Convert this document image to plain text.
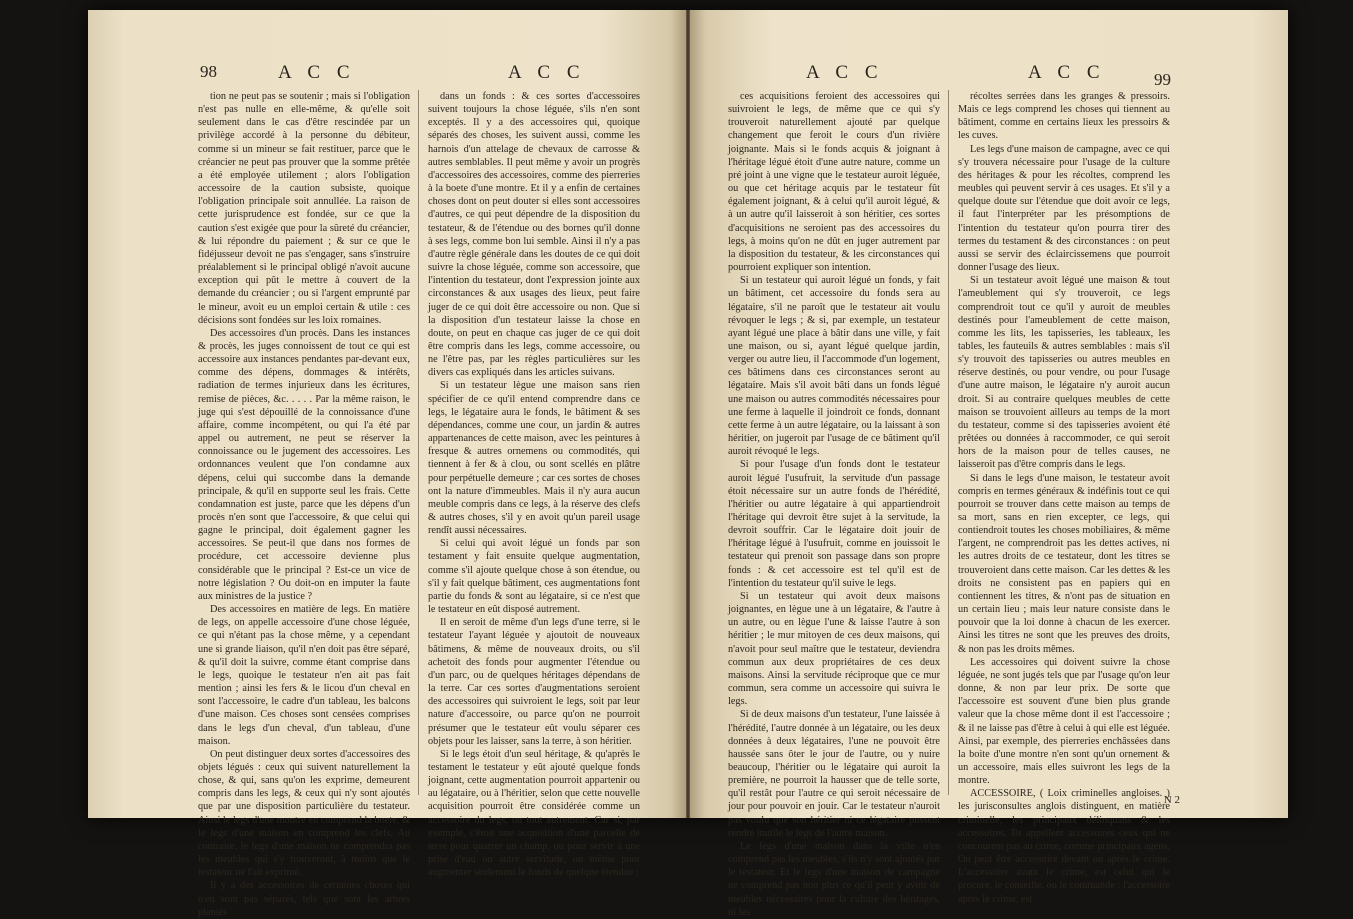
98	A C C	A C C

tion ne peut pas se soutenir ; mais si l'obligation n'est pas nulle en elle-même, & qu'elle soit seulement dans le cas d'être rescindée par un privilège accordé à la personne du débiteur, comme si un mineur se fait restituer, parce que le créancier ne peut pas prouver que la somme prêtée a été employée utilement ; alors l'obligation accessoire de la caution subsiste, quoique l'obligation principale soit annullée. La raison de cette jurisprudence est fondée, sur ce que la caution s'est exigée que pour la sûreté du créancier, & lui répondre du paiement ; & sur ce que le fidéjusseur devoit ne pas s'engager, sans s'instruire préalablement si le principal obligé n'avoit aucune exception qui pût le mettre à couvert de la demande du créancier ; ou si l'argent emprunté par le mineur, avoit eu un emploi certain & utile : ces décisions sont fondées sur les loix romaines.

Des accessoires d'un procès. Dans les instances & procès, les juges connoissent de tout ce qui est accessoire aux instances pendantes par-devant eux, comme des dépens, dommages & intérêts, radiation de termes injurieux dans les écritures, remise de pièces, &c. . . . . Par la même raison, le juge qui s'est dépouillé de la connoissance d'une affaire, comme incompétent, ou qui l'a été par appel ou autrement, ne peut se réserver la connoissance ou le jugement des accessoires. Les ordonnances veulent que l'on condamne aux dépens, celui qui succombe dans la demande principale, & qu'il en supporte seul les frais. Cette condamnation est juste, parce que les dépens d'un procès n'en sont que l'accessoire, & que celui qui gagne le principal, doit également gagner les accessoires. Se peut-il que dans nos formes de procédure, cet accessoire devienne plus considérable que le principal ? Est-ce un vice de notre législation ? Ou doit-on en imputer la faute aux ministres de la justice ?

Des accessoires en matière de legs. En matière de legs, on appelle accessoire d'une chose léguée, ce qui n'étant pas la chose même, y a cependant une si grande liaison, qu'il n'en doit pas être séparé, & qu'il doit la suivre, comme étant comprise dans le legs, quoique le testateur n'en ait pas fait mention ; ainsi les fers & le licou d'un cheval en sont l'accessoire, le cadre d'un tableau, les balcons d'une maison. Ces choses sont censées comprises dans le legs d'un cheval, d'un tableau, d'une maison.

On peut distinguer deux sortes d'accessoires des objets légués : ceux qui suivent naturellement la chose, & qui, sans qu'on les exprime, demeurent compris dans les legs, & ceux qui n'y sont ajoutés que par une disposition particulière du testateur. Ainsi le legs d'une montre en comprend la boete, & le legs d'une maison en comprend les clefs. Au contraire, le legs d'une maison ne comprendra pas les meubles qui s'y trouveront, à moins que le testateur ne l'ait exprimé.

Il y a des accessoires de certaines choses qui n'en sont pas séparés, tels que sont les arbres plantés

dans un fonds : & ces sortes d'accessoires suivent toujours la chose léguée, s'ils n'en sont exceptés. Il y a des accessoires qui, quoique séparés des choses, les suivent aussi, comme les harnois d'un attelage de chevaux de carrosse & autres semblables. Il peut même y avoir un progrès d'accessoires des accessoires, comme des pierreries à la boete d'une montre. Et il y a enfin de certaines choses dont on peut douter si elles sont accessoires d'autres, ce qui peut dépendre de la disposition du testateur, & de l'étendue ou des bornes qu'il donne à ses legs, comme bon lui semble. Ainsi il n'y a pas d'autre règle générale dans les doutes de ce qui doit suivre la chose léguée, comme son accessoire, que l'intention du testateur, dont l'expression jointe aux circonstances & aux usages des lieux, peut faire juger de ce qui doit être accessoire ou non. Que si la disposition d'un testateur laisse la chose en doute, on peut en chaque cas juger de ce qui doit être compris dans les legs, comme accessoire, ou ne l'être pas, par les règles particulières sur les divers cas expliqués dans les articles suivans.

Si un testateur lègue une maison sans rien spécifier de ce qu'il entend comprendre dans ce legs, le légataire aura le fonds, le bâtiment & ses dépendances, comme une cour, un jardin & autres appartenances de cette maison, avec les peintures à fresque & autres ornemens ou commodités, qui tiennent à fer & à clou, ou sont scellés en plâtre pour perpétuelle demeure ; car ces sortes de choses ont la nature d'immeubles. Mais il n'y aura aucun meuble compris dans ce legs, à la réserve des clefs & autres choses, s'il y en avoit qu'un pareil usage rendît aussi nécessaires.

Si celui qui avoit légué un fonds par son testament y fait ensuite quelque augmentation, comme s'il ajoute quelque chose à son étendue, ou s'il y fait quelque bâtiment, ces augmentations font partie du fonds & sont au légataire, si ce n'est que le testateur en eût disposé autrement.

Il en seroit de même d'un legs d'une terre, si le testateur l'ayant léguée y ajoutoit de nouveaux bâtimens, & même de nouveaux droits, ou s'il achetoit des fonds pour augmenter l'étendue ou d'un parc, ou de quelques héritages dépendans de la terre. Car ces sortes d'augmentations seroient des accessoires qui suivroient le legs, soit par leur nature d'accessoire, ou parce qu'on ne pourroit présumer que le testateur eût voulu séparer ces objets pour les laisser, sans la terre, à son héritier.

Si le legs étoit d'un seul héritage, & qu'après le testament le testateur y eût ajouté quelque fonds joignant, cette augmentation pourroit appartenir ou au légataire, ou à l'héritier, selon que cette nouvelle acquisition pourroit être considérée comme un accessoire du legs, ou tout autrement. Car si, par exemple, c'étoit une acquisition d'une parcelle de terre pour quarrer un champ, ou pour servir à une prise d'eau ou autre servitude, ou même pour augmenter seulement le fonds de quelque étendue ;

A C C	A C C	99

ces acquisitions feroient des accessoires qui suivroient le legs, de même que ce qui s'y trouveroit naturellement ajouté par quelque changement que feroit le cours d'un rivière joignante. Mais si le fonds acquis & joignant à l'héritage légué étoit d'une autre nature, comme un pré joint à une vigne que le testateur auroit léguée, ou que cet héritage acquis par le testateur fût également joignant, & à celui qu'il auroit légué, & à un autre qu'il laisseroit à son héritier, ces sortes d'acquisitions ne seroient pas des accessoires du legs, à moins qu'on ne dût en juger autrement par la disposition du testateur, & les circonstances qui pourroient expliquer son intention.

Si un testateur qui auroit légué un fonds, y fait un bâtiment, cet accessoire du fonds sera au légataire, s'il ne paroît que le testateur ait voulu révoquer le legs ; & si, par exemple, un testateur ayant légué une place à bâtir dans une ville, y fait une maison, ou si, ayant légué quelque jardin, verger ou autre lieu, il l'accommode d'un logement, ces bâtimens dans ces circonstances seront au légataire. Mais s'il avoit bâti dans un fonds légué une maison ou autres commodités nécessaires pour une ferme à laquelle il joindroit ce fonds, donnant cette ferme à un autre légataire, ou la laissant à son héritier, on jugeroit par l'usage de ce bâtiment qu'il auroit révoqué le legs.

Si pour l'usage d'un fonds dont le testateur auroit légué l'usufruit, la servitude d'un passage étoit nécessaire sur un autre fonds de l'hérédité, l'héritier ou autre légataire à qui appartiendroit l'héritage qui devroit être sujet à la servitude, la devroit souffrir. Car le légataire doit jouir de l'héritage légué à l'usufruit, comme en jouissoit le testateur qui prenoit son passage dans son propre fonds : & cet accessoire est tel qu'il est de l'intention du testateur qu'il suive le legs.

Si un testateur qui avoit deux maisons joignantes, en lègue une à un légataire, & l'autre à un autre, ou en lègue l'une & laisse l'autre à son héritier ; le mur mitoyen de ces deux maisons, qui n'avoit pour seul maître que le testateur, deviendra commun aux deux propriétaires de ces deux maisons. Ainsi la servitude réciproque que ce mur commun, sera comme un accessoire qui suivra le legs.

Si de deux maisons d'un testateur, l'une laissée à l'hérédité, l'autre donnée à un légataire, ou les deux données à deux légataires, l'une ne pouvoit être haussée sans ôter le jour de l'autre, ou y nuire beaucoup, l'héritier ou le légataire qui auroit la première, ne pourroit la hausser que de telle sorte, qu'il restât pour l'autre ce qui seroit nécessaire de jour pour pouvoir en jouir. Car le testateur n'auroit pas voulu que son héritier ni ce légataire pussent rendre inutile le legs de l'autre maison.

Le legs d'une maison dans la ville n'en comprend pas les meubles, s'ils n'y sont ajoutés par le testateur. Et le legs d'une maison de campagne ne comprend pas non plus ce qu'il peut y avoir de meubles nécessaires pour la culture des héritages, ni les

récoltes serrées dans les granges & pressoirs. Mais ce legs comprend les choses qui tiennent au bâtiment, comme en certains lieux les pressoirs & les cuves.

Les legs d'une maison de campagne, avec ce qui s'y trouvera nécessaire pour l'usage de la culture des héritages & pour les récoltes, comprend les meubles qui peuvent servir à ces usages. Et s'il y a quelque doute sur l'étendue que doit avoir ce legs, il faut l'interpréter par les présomptions de l'intention du testateur qu'on pourra tirer des termes du testament & des circonstances : on peut aussi se servir des éclaircissemens que pourroit donner l'usage des lieux.

Si un testateur avoit légué une maison & tout l'ameublement qui s'y trouveroit, ce legs comprendroit tout ce qu'il y auroit de meubles destinés pour l'ameublement de cette maison, comme les lits, les tapisseries, les tableaux, les tables, les fauteuils & autres semblables : mais s'il s'y trouvoit des tapisseries ou autres meubles en réserve destinés, ou pour vendre, ou pour l'usage d'une autre maison, le légataire n'y auroit aucun droit. Si au contraire quelques meubles de cette maison se trouvoient ailleurs au temps de la mort du testateur, comme si des tapisseries avoient été prêtées ou données à raccommoder, ce qui seroit hors de la maison pour de telles causes, ne laisseroit pas d'être compris dans le legs.

Si dans le legs d'une maison, le testateur avoit compris en termes généraux & indéfinis tout ce qui pourroit se trouver dans cette maison au temps de sa mort, sans en rien excepter, ce legs, qui contiendroit toutes les choses mobiliaires, & même l'argent, ne comprendroit pas les dettes actives, ni les autres droits de ce testateur, dont les titres se trouveroient dans cette maison. Car les dettes & les droits ne consistent pas en papiers qui en contiennent les titres, & n'ont pas de situation en un certain lieu ; mais leur nature consiste dans le pouvoir que la loi donne à chacun de les exercer. Ainsi les titres ne sont que les preuves des droits, & non pas les droits mêmes.

Les accessoires qui doivent suivre la chose léguée, ne sont jugés tels que par l'usage qu'on leur donne, & non par leur prix. De sorte que l'accessoire est souvent d'une bien plus grande valeur que la chose même dont il est l'accessoire ; & il ne laisse pas d'être à celui à qui elle est léguée. Ainsi, par exemple, des pierreries enchâssées dans la boite d'une montre n'en sont qu'un ornement & un accessoire, mais elles suivront les legs de la montre.

ACCESSOIRE, ( Loix criminelles angloises. ) les jurisconsultes anglois distinguent, en matière criminelle, les principaux délinquans & les accessoires. Ils appellent accessoires ceux qui ne concourent pas au crime, comme principaux agens. On peut être accessoire devant ou après le crime. L'accessoire avant le crime, est celui qui le procure, le conseille, ou le commande : l'accessoire après le crime, est

N 2
